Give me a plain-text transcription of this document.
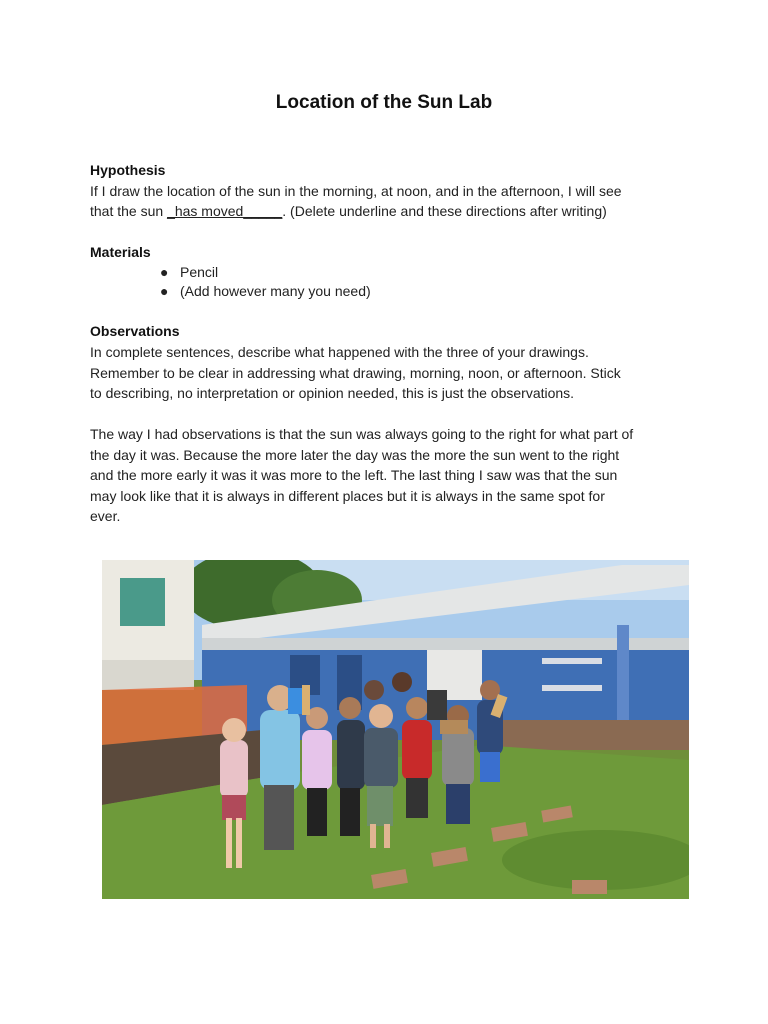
Location of the Sun Lab
Hypothesis
If I draw the location of the sun in the morning, at noon, and in the afternoon, I will see
that the sun _has moved_____. (Delete underline and these directions after writing)
Materials
● Pencil
● (Add however many you need)
Observations
In complete sentences, describe what happened with the three of your drawings.
Remember to be clear in addressing what drawing, morning, noon, or afternoon. Stick
to describing, no interpretation or opinion needed, this is just the observations.
The way I had observations is that the sun was always going to the right for what part of
the day it was. Because the more later the day was the more the sun went to the right
and the more early it was it was more to the left. The last thing I saw was that the sun
may look like that it is always in different places but it is always in the same spot for
ever.
